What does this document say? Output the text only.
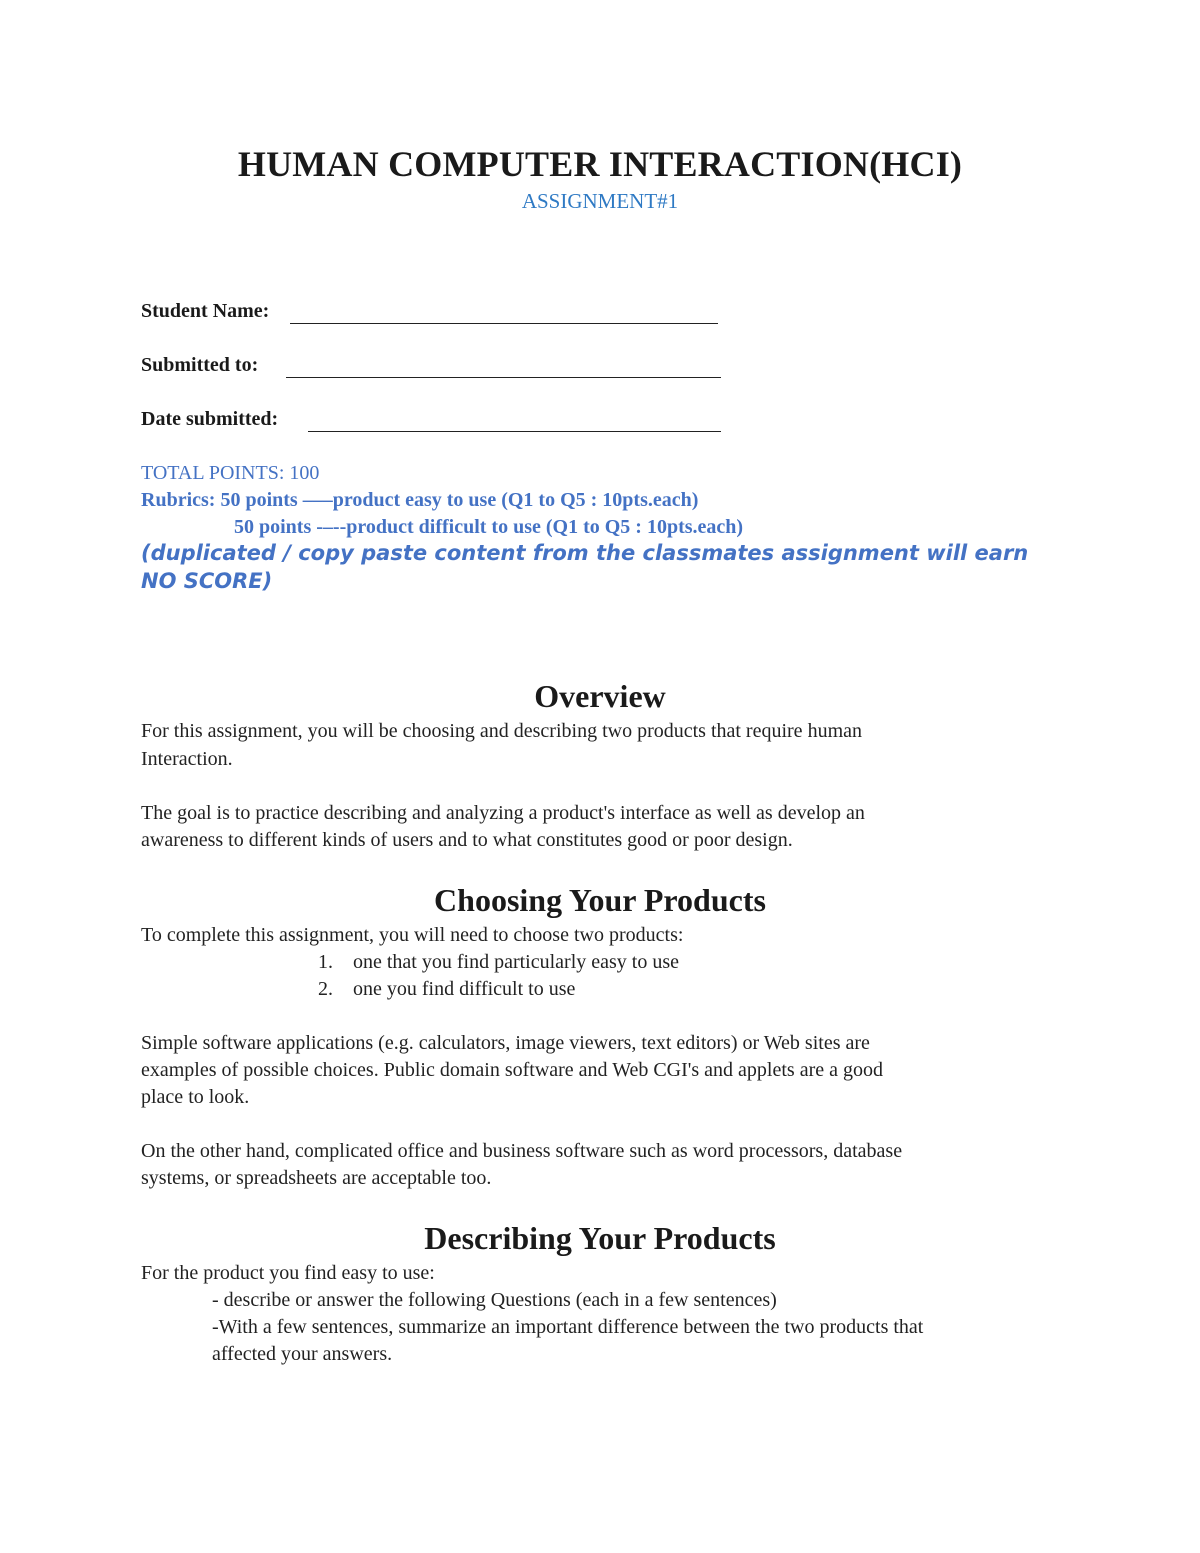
HUMAN COMPUTER INTERACTION(HCI)
ASSIGNMENT#1
Student Name:
Submitted to:
Date submitted:
TOTAL POINTS: 100
Rubrics: 50 points –––product easy to use (Q1 to Q5 : 10pts.each)
50 points -–--product difficult to use (Q1 to Q5 : 10pts.each)
(duplicated / copy paste content from the classmates assignment will earn
NO SCORE)
Overview
For this assignment, you will be choosing and describing two products that require human
Interaction.
The goal is to practice describing and analyzing a product's interface as well as develop an
awareness to different kinds of users and to what constitutes good or poor design.
Choosing Your Products
To complete this assignment, you will need to choose two products:
1. one that you find particularly easy to use
2. one you find difficult to use
Simple software applications (e.g. calculators, image viewers, text editors) or Web sites are
examples of possible choices. Public domain software and Web CGI's and applets are a good
place to look.
On the other hand, complicated office and business software such as word processors, database
systems, or spreadsheets are acceptable too.
Describing Your Products
For the product you find easy to use:
- describe or answer the following Questions (each in a few sentences)
-With a few sentences, summarize an important difference between the two products that
affected your answers.
